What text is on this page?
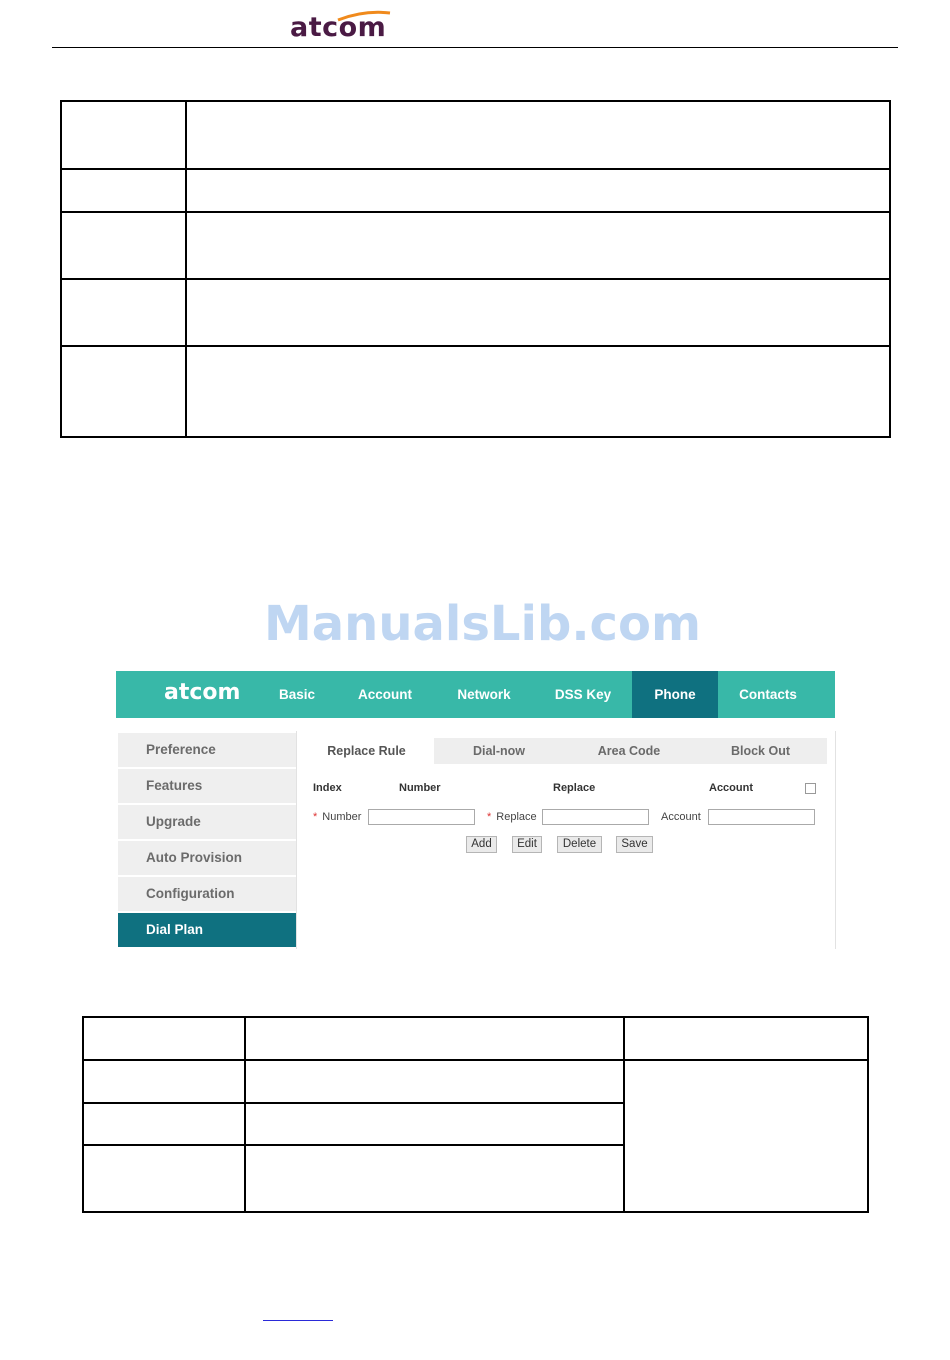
atcom

ManualsLib.com
atcom	Basic	Account	Network	DSS Key	Phone	Contacts
Preference
Features
Upgrade
Auto Provision
Configuration
Dial Plan
Replace Rule	Dial-now	Area Code	Block Out
Index	Number	Replace	Account
* Number	* Replace	Account
Add	Edit	Delete	Save
